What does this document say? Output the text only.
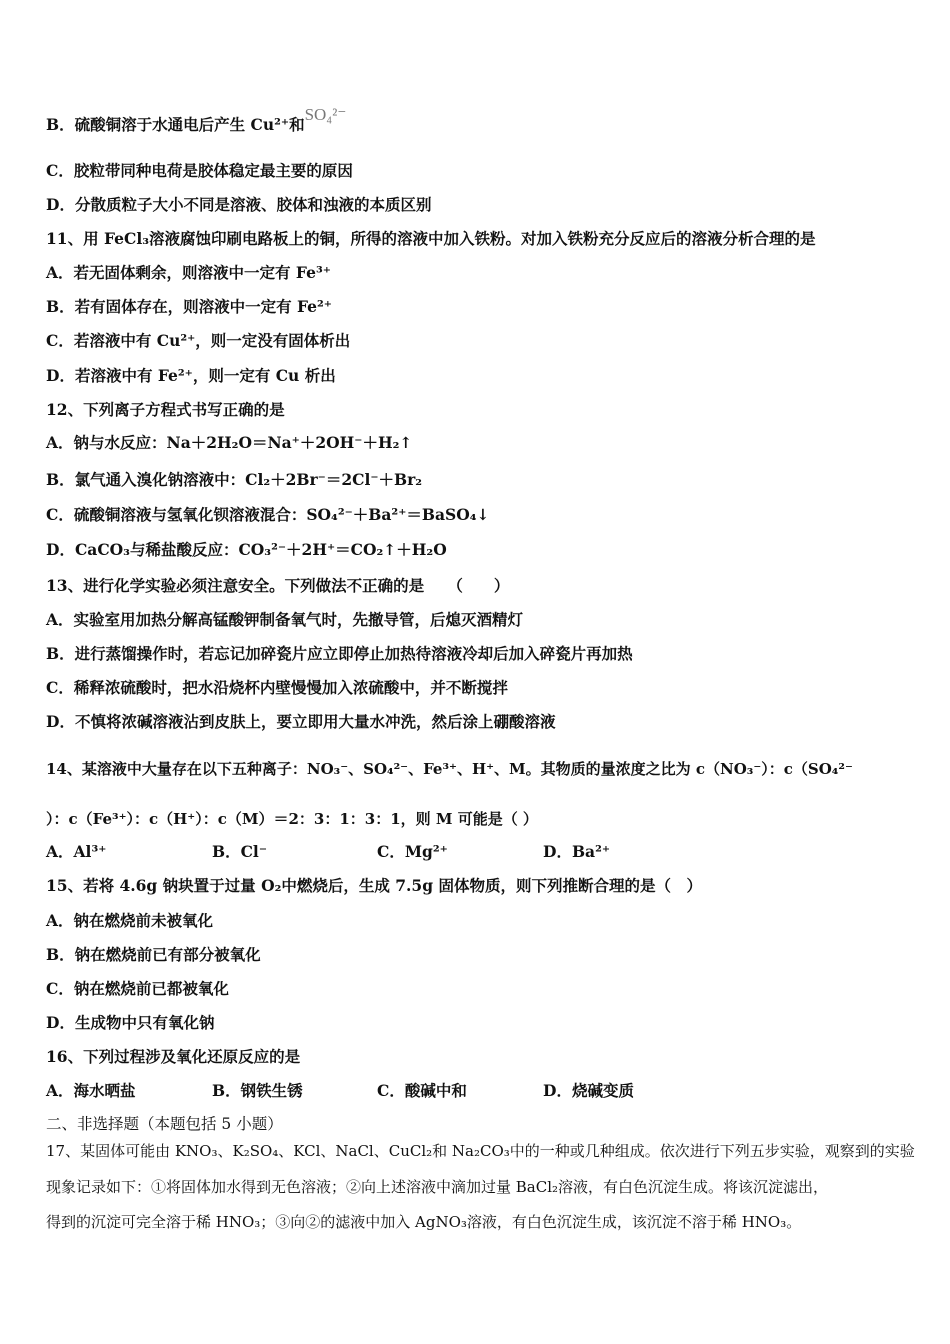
B．硫酸铜溶于水通电后产生 Cu²⁺和SO₄²⁻
C．胶粒带同种电荷是胶体稳定最主要的原因
D．分散质粒子大小不同是溶液、胶体和浊液的本质区别
11、用 FeCl₃溶液腐蚀印刷电路板上的铜，所得的溶液中加入铁粉。对加入铁粉充分反应后的溶液分析合理的是
A．若无固体剩余，则溶液中一定有 Fe³⁺
B．若有固体存在，则溶液中一定有 Fe²⁺
C．若溶液中有 Cu²⁺，则一定没有固体析出
D．若溶液中有 Fe²⁺，则一定有 Cu 析出
12、下列离子方程式书写正确的是
A．钠与水反应：Na＋2H₂O＝Na⁺＋2OH⁻＋H₂↑
B．氯气通入溴化钠溶液中：Cl₂＋2Br⁻＝2Cl⁻＋Br₂
C．硫酸铜溶液与氢氧化钡溶液混合：SO₄²⁻＋Ba²⁺＝BaSO₄↓
D．CaCO₃与稀盐酸反应：CO₃²⁻＋2H⁺＝CO₂↑＋H₂O
13、进行化学实验必须注意安全。下列做法不正确的是　　（　　）
A．实验室用加热分解高锰酸钾制备氧气时，先撤导管，后熄灭酒精灯
B．进行蒸馏操作时，若忘记加碎瓷片应立即停止加热待溶液冷却后加入碎瓷片再加热
C．稀释浓硫酸时，把水沿烧杯内壁慢慢加入浓硫酸中，并不断搅拌
D．不慎将浓碱溶液沾到皮肤上，要立即用大量水冲洗，然后涂上硼酸溶液
14、某溶液中大量存在以下五种离子：NO₃⁻、SO₄²⁻、Fe³⁺、H⁺、M。其物质的量浓度之比为 c（NO₃⁻）：c（SO₄²⁻
）：c（Fe³⁺）：c（H⁺）：c（M）＝2：3：1：3：1，则 M 可能是（ ）
A．Al³⁺	B．Cl⁻	C．Mg²⁺	D．Ba²⁺
15、若将 4.6g 钠块置于过量 O₂中燃烧后，生成 7.5g 固体物质，则下列推断合理的是（　）
A．钠在燃烧前未被氧化
B．钠在燃烧前已有部分被氧化
C．钠在燃烧前已都被氧化
D．生成物中只有氧化钠
16、下列过程涉及氧化还原反应的是
A．海水晒盐	B．钢铁生锈	C．酸碱中和	D．烧碱变质
二、非选择题（本题包括 5 小题）
17、某固体可能由 KNO₃、K₂SO₄、KCl、NaCl、CuCl₂和 Na₂CO₃中的一种或几种组成。依次进行下列五步实验，观察到的实验
现象记录如下：①将固体加水得到无色溶液；②向上述溶液中滴加过量 BaCl₂溶液，有白色沉淀生成。将该沉淀滤出，
得到的沉淀可完全溶于稀 HNO₃；③向②的滤液中加入 AgNO₃溶液，有白色沉淀生成，该沉淀不溶于稀 HNO₃。
